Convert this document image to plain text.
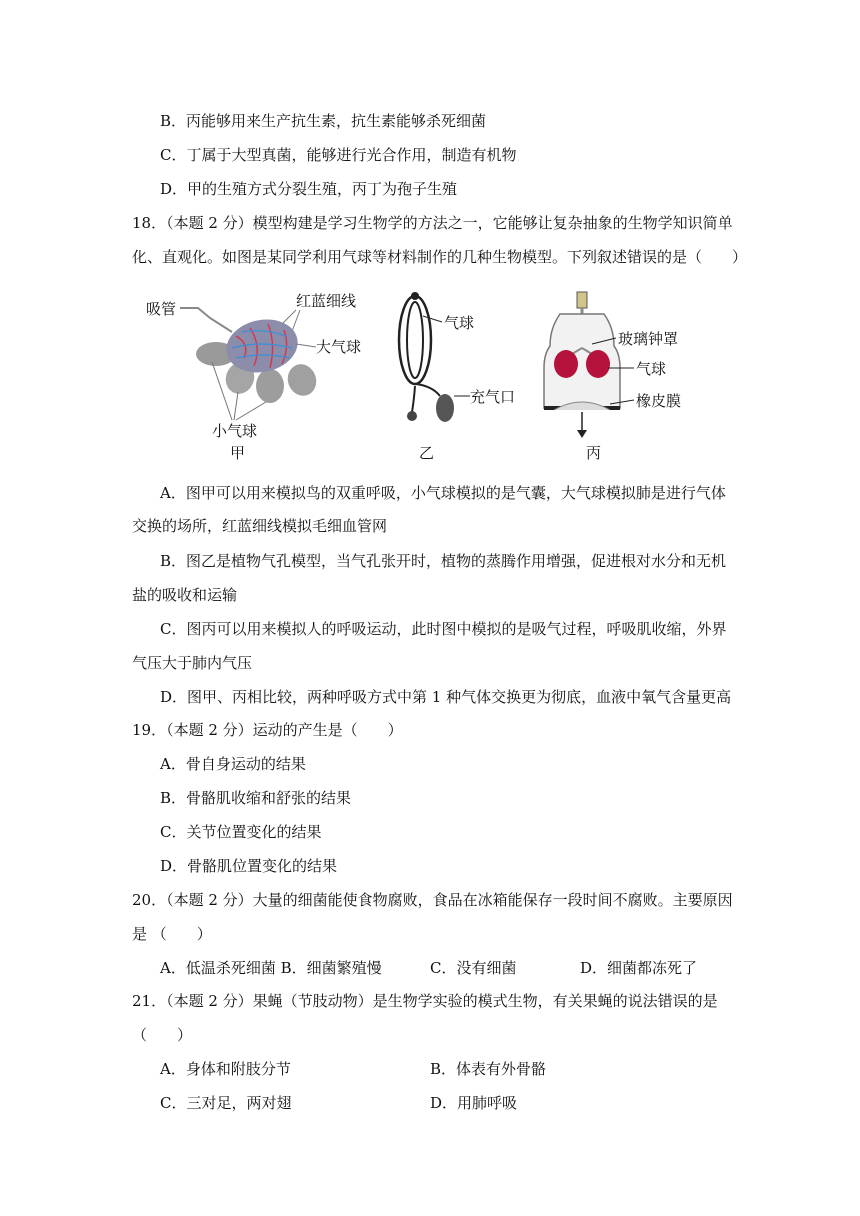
B．丙能够用来生产抗生素，抗生素能够杀死细菌
C．丁属于大型真菌，能够进行光合作用，制造有机物
D．甲的生殖方式分裂生殖，丙丁为孢子生殖
18．（本题 2 分）模型构建是学习生物学的方法之一，它能够让复杂抽象的生物学知识简单
化、直观化。如图是某同学利用气球等材料制作的几种生物模型。下列叙述错误的是（　　）
吸管	红蓝细线
大气球
小气球
甲
气球
充气口
乙
玻璃钟罩
气球
橡皮膜
丙
A．图甲可以用来模拟鸟的双重呼吸，小气球模拟的是气囊，大气球模拟肺是进行气体
交换的场所，红蓝细线模拟毛细血管网
B．图乙是植物气孔模型，当气孔张开时，植物的蒸腾作用增强，促进根对水分和无机
盐的吸收和运输
C．图丙可以用来模拟人的呼吸运动，此时图中模拟的是吸气过程，呼吸肌收缩，外界
气压大于肺内气压
D．图甲、丙相比较，两种呼吸方式中第 1 种气体交换更为彻底，血液中氧气含量更高
19．（本题 2 分）运动的产生是（　　）
A．骨自身运动的结果
B．骨骼肌收缩和舒张的结果
C．关节位置变化的结果
D．骨骼肌位置变化的结果
20．（本题 2 分）大量的细菌能使食物腐败，食品在冰箱能保存一段时间不腐败。主要原因
是 （　　）
A．低温杀死细菌 B．细菌繁殖慢	C．没有细菌	D．细菌都冻死了
21．（本题 2 分）果蝇（节肢动物）是生物学实验的模式生物，有关果蝇的说法错误的是
（　　）
A．身体和附肢分节	B．体表有外骨骼
C．三对足，两对翅	D．用肺呼吸
